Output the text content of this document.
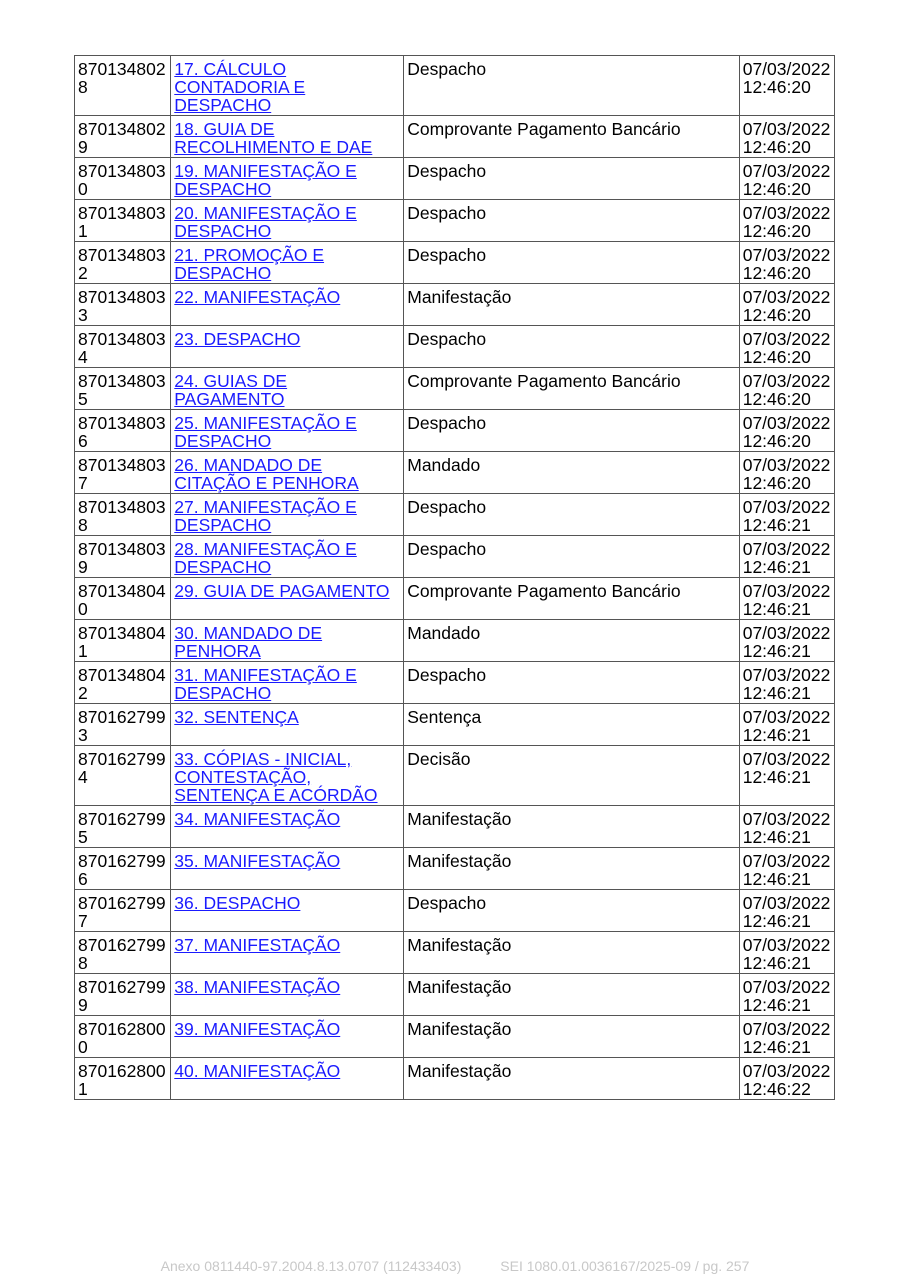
8701348028	17. CÁLCULO CONTADORIA E DESPACHO	Despacho	07/03/2022
12:46:20

8701348029	18. GUIA DE RECOLHIMENTO E DAE	Comprovante Pagamento Bancário	07/03/2022
12:46:20

8701348030	19. MANIFESTAÇÃO E DESPACHO	Despacho	07/03/2022
12:46:20

8701348031	20. MANIFESTAÇÃO E DESPACHO	Despacho	07/03/2022
12:46:20

8701348032	21. PROMOÇÃO E DESPACHO	Despacho	07/03/2022
12:46:20

8701348033	22. MANIFESTAÇÃO	Manifestação	07/03/2022
12:46:20

8701348034	23. DESPACHO	Despacho	07/03/2022
12:46:20

8701348035	24. GUIAS DE PAGAMENTO	Comprovante Pagamento Bancário	07/03/2022
12:46:20

8701348036	25. MANIFESTAÇÃO E DESPACHO	Despacho	07/03/2022
12:46:20

8701348037	26. MANDADO DE CITAÇÃO E PENHORA	Mandado	07/03/2022
12:46:20

8701348038	27. MANIFESTAÇÃO E DESPACHO	Despacho	07/03/2022
12:46:21

8701348039	28. MANIFESTAÇÃO E DESPACHO	Despacho	07/03/2022
12:46:21

8701348040	29. GUIA DE PAGAMENTO	Comprovante Pagamento Bancário	07/03/2022
12:46:21

8701348041	30. MANDADO DE PENHORA	Mandado	07/03/2022
12:46:21

8701348042	31. MANIFESTAÇÃO E DESPACHO	Despacho	07/03/2022
12:46:21

8701627993	32. SENTENÇA	Sentença	07/03/2022
12:46:21

8701627994	33. CÓPIAS - INICIAL, CONTESTAÇÃO, SENTENÇA E ACÓRDÃO	Decisão	07/03/2022
12:46:21

8701627995	34. MANIFESTAÇÃO	Manifestação	07/03/2022
12:46:21

8701627996	35. MANIFESTAÇÃO	Manifestação	07/03/2022
12:46:21

8701627997	36. DESPACHO	Despacho	07/03/2022
12:46:21

8701627998	37. MANIFESTAÇÃO	Manifestação	07/03/2022
12:46:21

8701627999	38. MANIFESTAÇÃO	Manifestação	07/03/2022
12:46:21

8701628000	39. MANIFESTAÇÃO	Manifestação	07/03/2022
12:46:21

8701628001	40. MANIFESTAÇÃO	Manifestação	07/03/2022
12:46:22
Anexo 0811440-97.2004.8.13.0707 (112433403)	SEI 1080.01.0036167/2025-09 / pg. 257
